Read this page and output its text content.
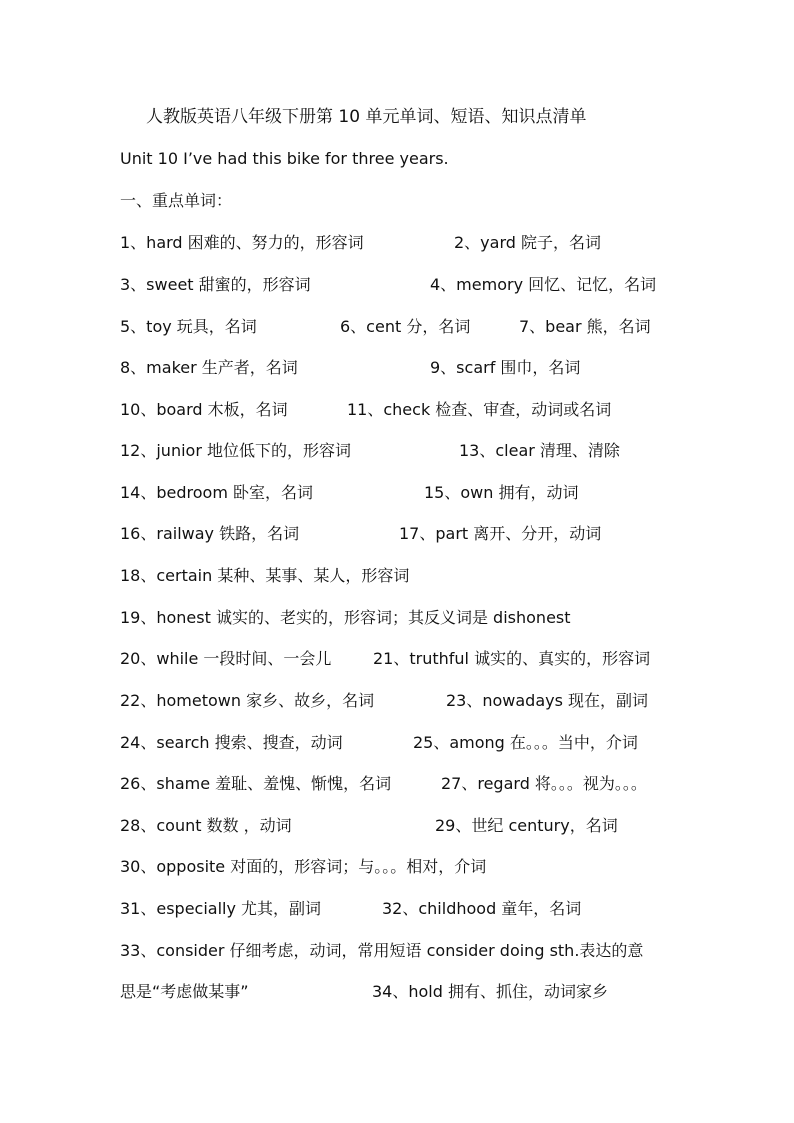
人教版英语八年级下册第 10 单元单词、短语、知识点清单
Unit 10 I’ve had this bike for three years.
一、重点单词：
1、hard 困难的、努力的，形容词	2、yard 院子，名词
3、sweet 甜蜜的，形容词	4、memory 回忆、记忆，名词
5、toy 玩具，名词	6、cent 分，名词	7、bear 熊，名词
8、maker 生产者，名词	9、scarf 围巾，名词
10、board 木板，名词	11、check 检查、审查，动词或名词
12、junior 地位低下的，形容词	13、clear 清理、清除
14、bedroom 卧室，名词	15、own 拥有，动词
16、railway 铁路，名词	17、part 离开、分开，动词
18、certain 某种、某事、某人，形容词
19、honest 诚实的、老实的，形容词；其反义词是 dishonest
20、while 一段时间、一会儿	21、truthful 诚实的、真实的，形容词
22、hometown 家乡、故乡，名词	23、nowadays 现在，副词
24、search 搜索、搜查，动词	25、among 在。。。当中，介词
26、shame 羞耻、羞愧、惭愧，名词	27、regard 将。。。视为。。。
28、count 数数 ，动词	29、世纪 century，名词
30、opposite 对面的，形容词；与。。。相对，介词
31、especially 尤其，副词	32、childhood 童年，名词
33、consider 仔细考虑，动词，常用短语 consider doing sth.表达的意
思是“考虑做某事”	34、hold 拥有、抓住，动词家乡
